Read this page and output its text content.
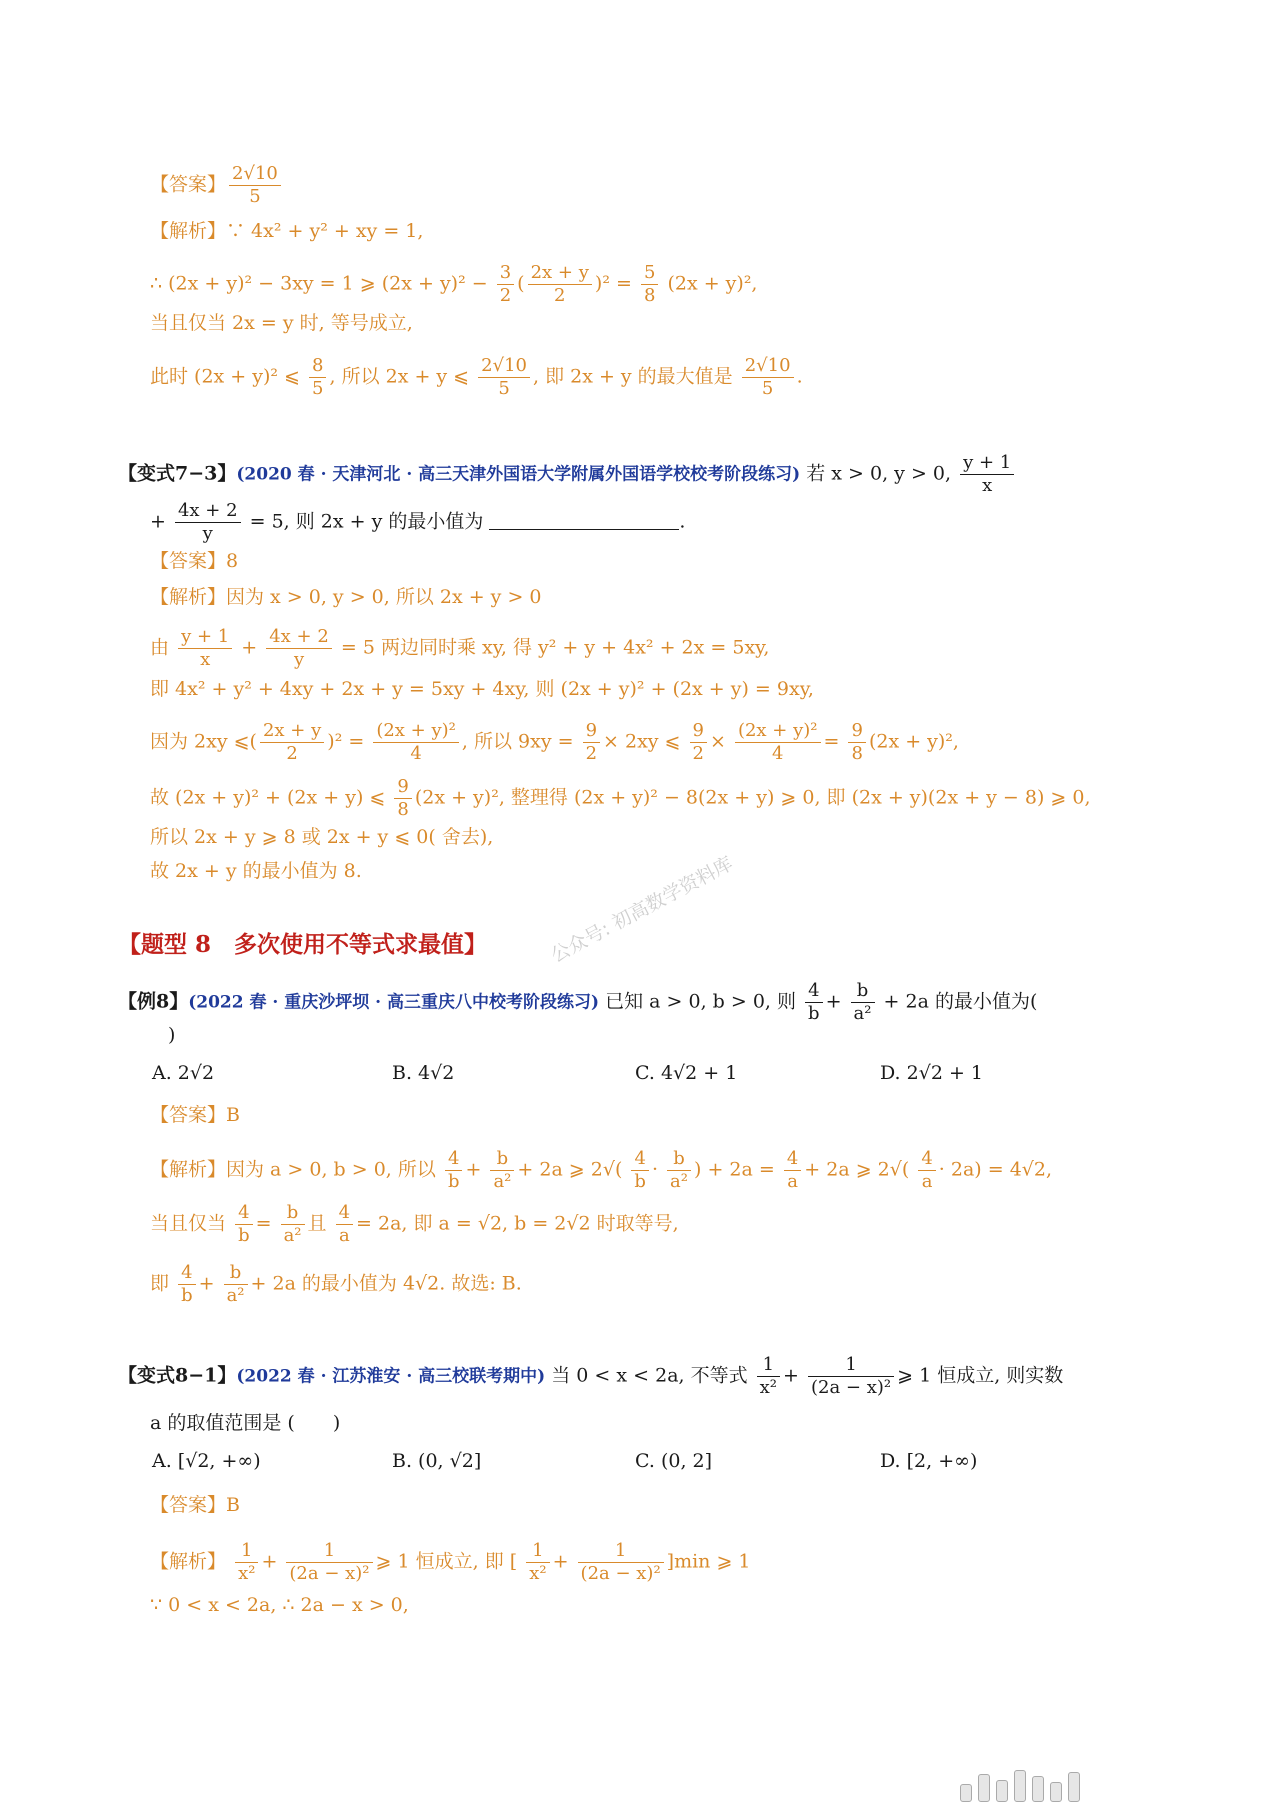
【答案】 $\frac{2√10}{5}$
【解析】∵ 4x² + y² + xy = 1,
∴ (2x + y)² − 3xy = 1 ⩾ $(2x + y)^2 - \frac{3}{2}$ ( $\frac{2x + y}{2} )^2 = \frac{5}{8} (2x + y)^2$,
当且仅当 2x = y 时, 等号成立,
此时 (2x + y)² ⩽ $\frac{8}{5}$ , 所以 2x + y ⩽ $\frac{2√10}{5}$ , 即 2x + y 的最大值是 $\frac{2√10}{5}$ .
【变式7−3】(2020 春 · 天津河北 · 高三天津外国语大学附属外国语学校校考阶段练习) 若 x > 0, y > 0, $\frac{y + 1}{x}$
+ $\frac{4x + 2}{y} = 5$, 则 2x + y 的最小值为	.
【答案】8
【解析】因为 x > 0, y > 0, 所以 2x + y > 0
由 $\frac{y + 1}{x} + \frac{4x + 2}{y} = 5$ 两边同时乘 xy, 得 y² + y + 4x² + 2x = 5xy,
即 4x² + y² + 4xy + 2x + y = 5xy + 4xy, 则 (2x + y)² + (2x + y) = 9xy,
因为 2xy ⩽( $\frac{2x + y}{2} )^2 = \frac{\text{(2x + y)²}}{4}$ , 所以 $9xy = \frac{9}{2} \times 2xy$ ⩽ $\frac{9}{2} \times \frac{\text{(2x + y)²}}{4} = \frac{9}{8} (2x + y)^2$,
故 (2x + y)² + (2x + y) ⩽ $\frac{9}{8} (2x + y)^2$, 整理得 (2x + y)² − 8(2x + y) ⩾ 0, 即 (2x + y)(2x + y − 8) ⩾ 0,
所以 2x + y ⩾ 8 或 2x + y ⩽ 0( 舍去),
故 2x + y 的最小值为 8.
【题型 8　多次使用不等式求最值】
【例8】(2022 春 · 重庆沙坪坝 · 高三重庆八中校考阶段练习) 已知 a > 0, b > 0, 则 $\frac{4}{b} + \frac{b}{\text{a²}} + 2a$ 的最小值为(
)
A. 2√2	B. 4√2	C. 4√2 + 1	D. 2√2 + 1
【答案】B
【解析】因为 a > 0, b > 0, 所以 $\frac{4}{b} + \frac{b}{\text{a²}} + 2a$ ⩾ $2√( \frac{4}{b} \cdot \frac{b}{\text{a²}}$ ) + $2a = \frac{4}{a} + 2a$ ⩾ $2√( \frac{4}{a} \cdot 2a) = 4√2$,
当且仅当 $\frac{4}{b} = \frac{b}{\text{a²}}$ 且 $\frac{4}{a} = 2a$, 即 a = √2, b = 2√2 时取等号,
即 $\frac{4}{b} + \frac{b}{\text{a²}} + 2a$ 的最小值为 4√2. 故选: B.
【变式8−1】(2022 春 · 江苏淮安 · 高三校联考期中) 当 0 < x < 2a, 不等式 $\frac{1}{\text{x²}} + \frac{1}{\text{(2a − x)²}}$ ⩾ 1 恒成立, 则实数
a 的取值范围是 (　　)
A. [√2, +∞)	B. (0, √2]	C. (0, 2]	D. [2, +∞)
【答案】B
【解析】 $\frac{1}{\text{x²}} + \frac{1}{\text{(2a − x)²}}$ ⩾ 1 恒成立, 即 [ $\frac{1}{\text{x²}} + \frac{1}{\text{(2a − x)²}} ]\min$ ⩾ 1
∵ 0 < x < 2a, ∴ 2a − x > 0,
公众号: 初高数学资料库
